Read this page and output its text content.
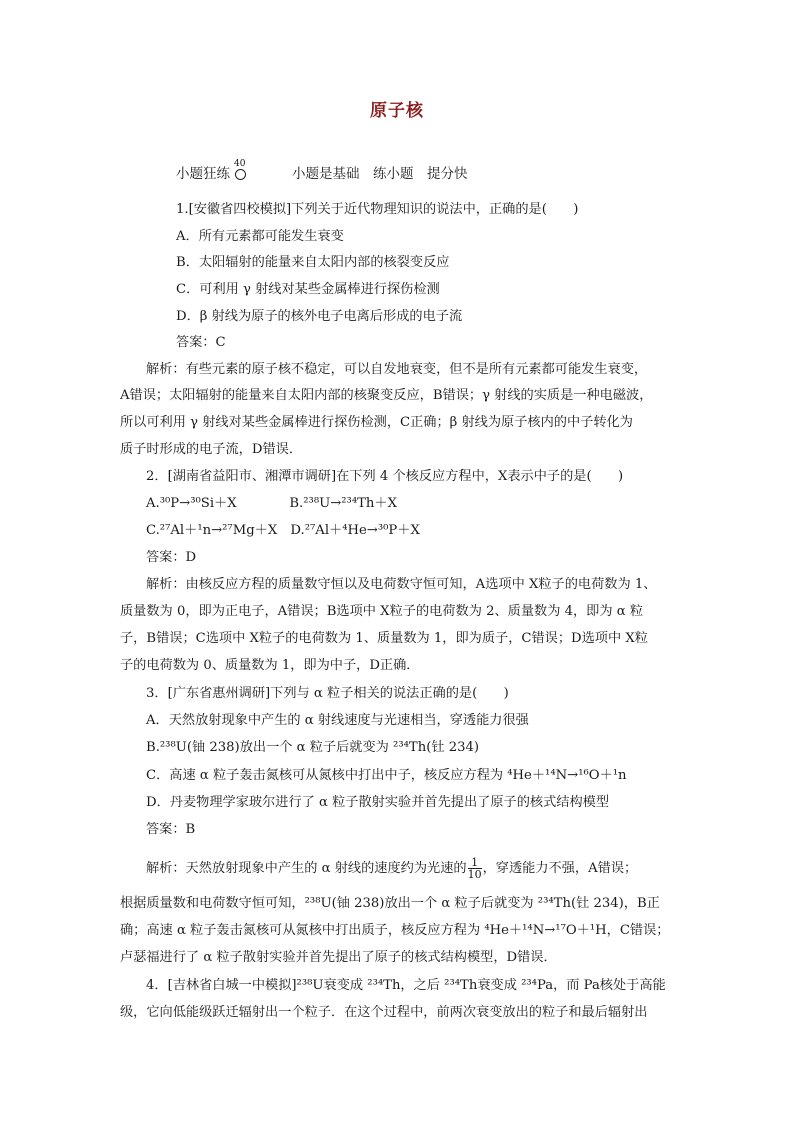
原子核
小题狂练
40
小题是基础　练小题　提分快
1.[安徽省四校模拟]下列关于近代物理知识的说法中，正确的是(　　)
A．所有元素都可能发生衰变
B．太阳辐射的能量来自太阳内部的核裂变反应
C．可利用 γ 射线对某些金属棒进行探伤检测
D．β 射线为原子的核外电子电离后形成的电子流
答案：C
解析：有些元素的原子核不稳定，可以自发地衰变，但不是所有元素都可能发生衰变，
A错误；太阳辐射的能量来自太阳内部的核聚变反应，B错误；γ 射线的实质是一种电磁波，
所以可利用 γ 射线对某些金属棒进行探伤检测，C正确；β 射线为原子核内的中子转化为
质子时形成的电子流，D错误．
2．[湖南省益阳市、湘潭市调研]在下列 4 个核反应方程中，X表示中子的是(　　)
A.³⁰P→³⁰Si＋X　　　　B.²³⁸U→²³⁴Th＋X
C.²⁷Al＋¹n→²⁷Mg＋X　D.²⁷Al＋⁴He→³⁰P＋X
答案：D
解析：由核反应方程的质量数守恒以及电荷数守恒可知，A选项中 X粒子的电荷数为 1、
质量数为 0，即为正电子，A错误；B选项中 X粒子的电荷数为 2、质量数为 4，即为 α 粒
子，B错误；C选项中 X粒子的电荷数为 1、质量数为 1，即为质子，C错误；D选项中 X粒
子的电荷数为 0、质量数为 1，即为中子，D正确．
3．[广东省惠州调研]下列与 α 粒子相关的说法正确的是(　　)
A．天然放射现象中产生的 α 射线速度与光速相当，穿透能力很强
B.²³⁸U(铀 238)放出一个 α 粒子后就变为 ²³⁴Th(钍 234)
C．高速 α 粒子轰击氮核可从氮核中打出中子，核反应方程为 ⁴He＋¹⁴N→¹⁶O＋¹n
D．丹麦物理学家玻尔进行了 α 粒子散射实验并首先提出了原子的核式结构模型
答案：B
解析：天然放射现象中产生的 α 射线的速度约为光速的 $\frac{1}{10}$ ，穿透能力不强，A错误；
根据质量数和电荷数守恒可知，²³⁸U(铀 238)放出一个 α 粒子后就变为 ²³⁴Th(钍 234)，B正
确；高速 α 粒子轰击氮核可从氮核中打出质子，核反应方程为 ⁴He＋¹⁴N→¹⁷O＋¹H，C错误；
卢瑟福进行了 α 粒子散射实验并首先提出了原子的核式结构模型，D错误．
4．[吉林省白城一中模拟]²³⁸U衰变成 ²³⁴Th，之后 ²³⁴Th衰变成 ²³⁴Pa，而 Pa核处于高能
级，它向低能级跃迁辐射出一个粒子．在这个过程中，前两次衰变放出的粒子和最后辐射出
